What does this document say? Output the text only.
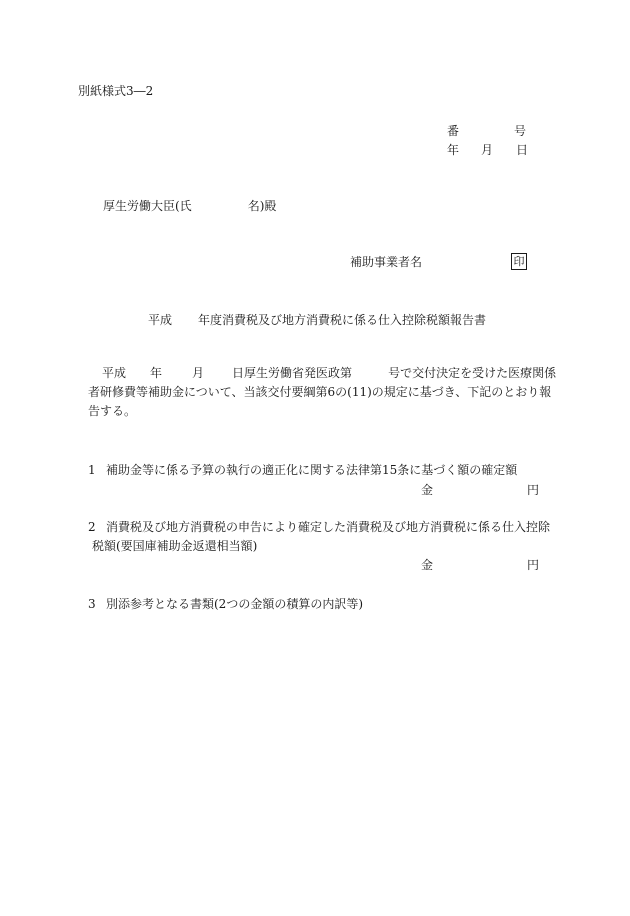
別紙様式3―2
番	号
年 月 日
厚生労働大臣(氏	名)殿
補助事業者名	印
平成 年度消費税及び地方消費税に係る仕入控除税額報告書
平成 年	月 日厚生労働省発医政第	号で交付決定を受けた医療関係者研修費等補助金について、当該交付要綱第6の(11)の規定に基づき、下記のとおり報告する。
1 補助金等に係る予算の執行の適正化に関する法律第15条に基づく額の確定額
金	円
2 消費税及び地方消費税の申告により確定した消費税及び地方消費税に係る仕入控除
税額(要国庫補助金返還相当額)
金	円
3 別添参考となる書類(2つの金額の積算の内訳等)
